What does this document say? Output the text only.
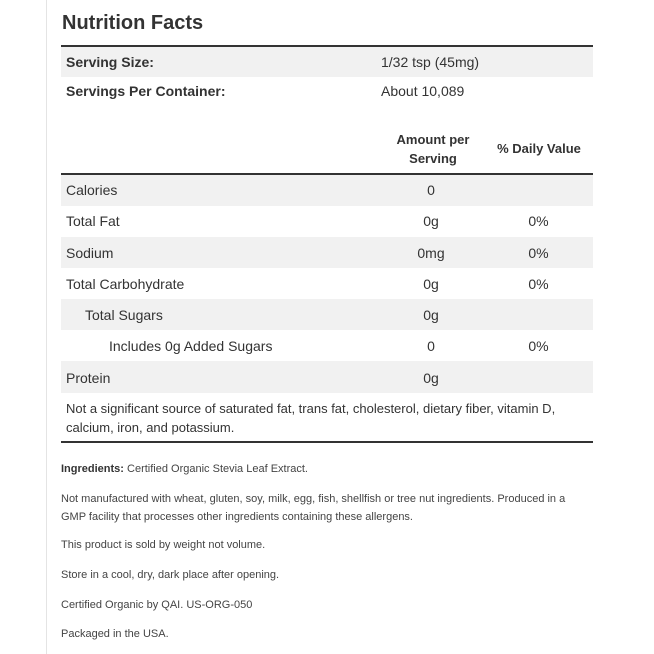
Nutrition Facts
Serving Size:	1/32 tsp (45mg)
Servings Per Container:	About 10,089
Amount per
Serving
% Daily Value
Calories	0
Total Fat	0g	0%
Sodium	0mg	0%
Total Carbohydrate	0g	0%
Total Sugars	0g
Includes 0g Added Sugars	0	0%
Protein	0g
Not a significant source of saturated fat, trans fat, cholesterol, dietary fiber, vitamin D, calcium, iron, and potassium.
Ingredients: Certified Organic Stevia Leaf Extract.
Not manufactured with wheat, gluten, soy, milk, egg, fish, shellfish or tree nut ingredients. Produced in a GMP facility that processes other ingredients containing these allergens.
This product is sold by weight not volume.
Store in a cool, dry, dark place after opening.
Certified Organic by QAI. US-ORG-050
Packaged in the USA.
